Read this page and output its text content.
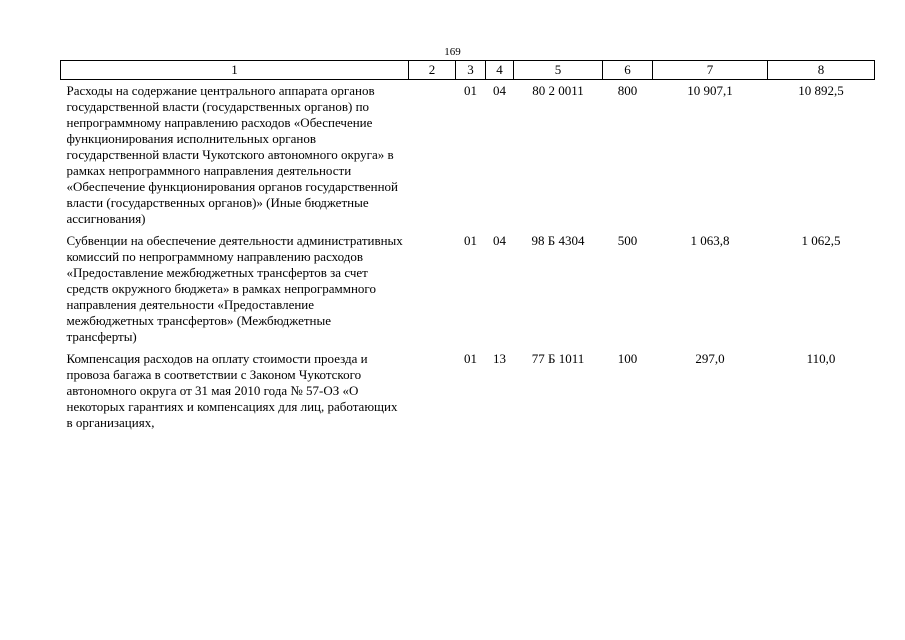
169
1	2	3	4	5	6	7	8
Расходы на содержание центрального аппарата органов государственной власти (государственных органов) по непрограммному направлению расходов «Обеспечение функционирования исполнительных органов государственной власти Чукотского автономного округа» в рамках непрограммного направления деятельности «Обеспечение функционирования органов государственной власти (государственных органов)» (Иные бюджетные ассигнования)		01	04	80 2 0011	800	10 907,1	10 892,5
Субвенции на обеспечение деятельности административных комиссий по непрограммному направлению расходов «Предоставление межбюджетных трансфертов за счет средств окружного бюджета» в рамках непрограммного направления деятельности «Предоставление межбюджетных трансфертов» (Межбюджетные трансферты)		01	04	98 Б 4304	500	1 063,8	1 062,5
Компенсация расходов на оплату стоимости проезда и провоза багажа в соответствии с Законом Чукотского автономного округа от 31 мая 2010 года № 57-ОЗ «О некоторых гарантиях и компенсациях для лиц, работающих в организациях,		01	13	77 Б 1011	100	297,0	110,0
